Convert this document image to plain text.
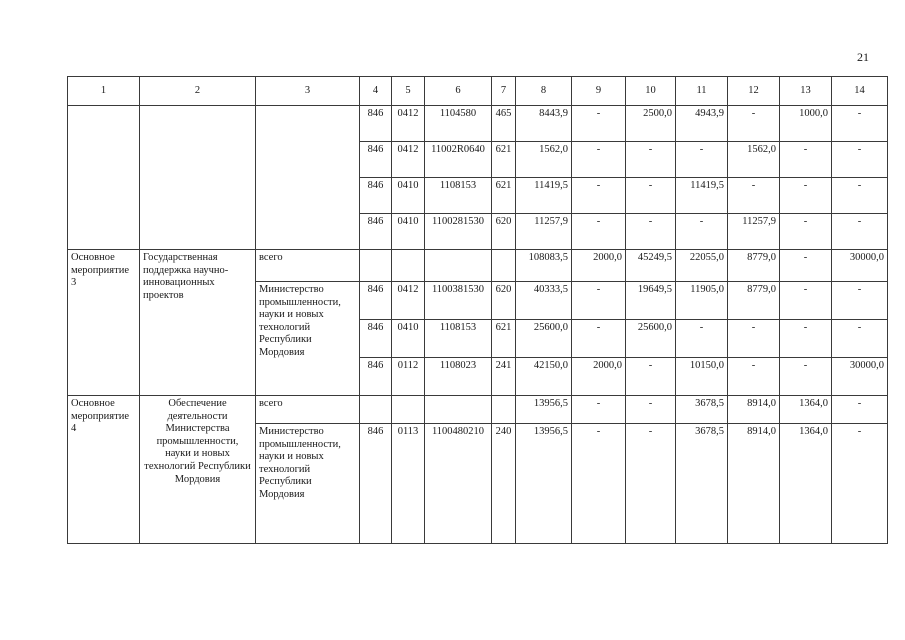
21
1	2	3	4	5	6	7	8	9	10	11	12	13	14
			846	0412	1104580	465	8443,9	-	2500,0	4943,9	-	1000,0	-
			846	0412	11002R0640	621	1562,0	-	-	-	1562,0	-	-
			846	0410	1108153	621	11419,5	-	-	11419,5	-	-	-
			846	0410	1100281530	620	11257,9	-	-	-	11257,9	-	-
Основное мероприятие 3	Государственная поддержка научно-инновационных проектов	всего					108083,5	2000,0	45249,5	22055,0	8779,0	-	30000,0
		Министерство промышленности, науки и новых технологий Республики Мордовия	846	0412	1100381530	620	40333,5	-	19649,5	11905,0	8779,0	-	-
			846	0410	1108153	621	25600,0	-	25600,0	-	-	-	-
			846	0112	1108023	241	42150,0	2000,0	-	10150,0	-	-	30000,0
Основное мероприятие 4	Обеспечение деятельности Министерства промышленности, науки и новых технологий Республики Мордовия	всего					13956,5	-	-	3678,5	8914,0	1364,0	-
		Министерство промышленности, науки и новых технологий Республики Мордовия	846	0113	1100480210	240	13956,5	-	-	3678,5	8914,0	1364,0	-
